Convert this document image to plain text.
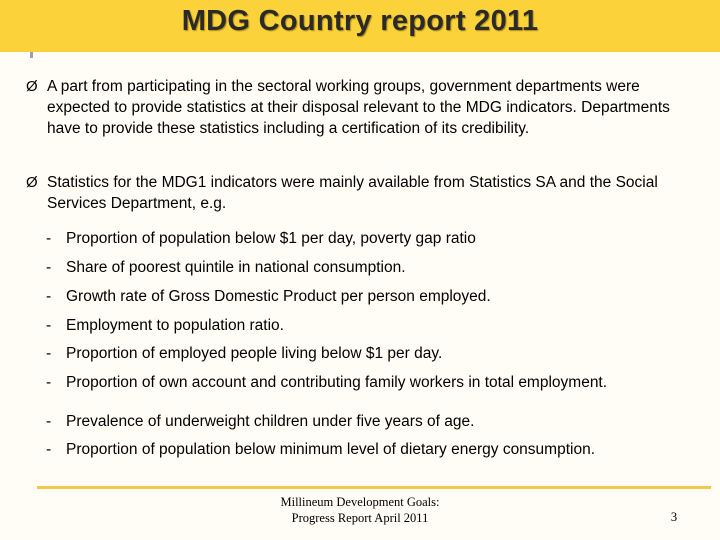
MDG Country report 2011
Ø A part from participating in the sectoral working groups, government departments were expected to provide statistics at their disposal relevant to the MDG indicators. Departments have to provide these statistics including a certification of its credibility.
Ø Statistics for the MDG1 indicators were mainly available from Statistics SA and the Social Services Department, e.g.
- Proportion of population below $1 per day, poverty gap ratio
- Share of poorest quintile in national consumption.
- Growth rate of Gross Domestic Product per person employed.
- Employment to population ratio.
- Proportion of employed people living below $1 per day.
- Proportion of own account and contributing family workers in total employment.
- Prevalence of underweight children under five years of age.
- Proportion of population below minimum level of dietary energy consumption.
Millineum Development Goals:
Progress Report April 2011	3
